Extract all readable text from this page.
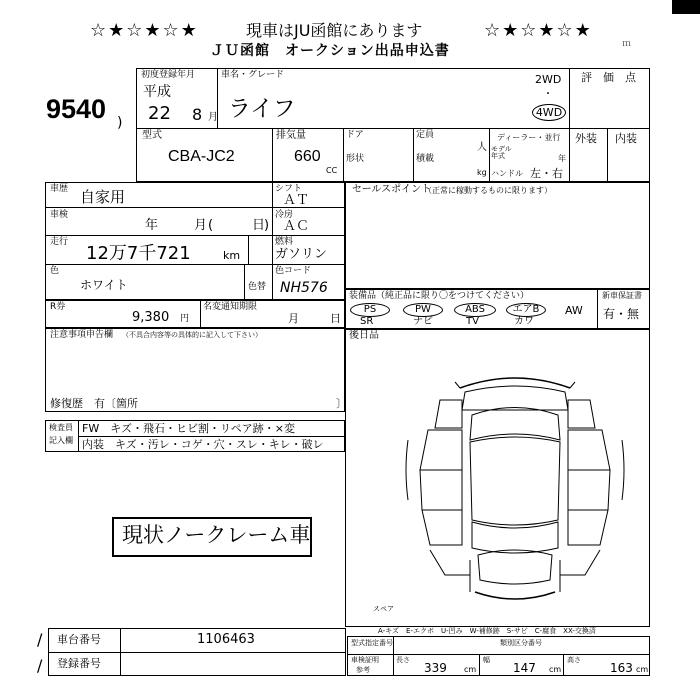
☆★☆★☆★	現車はJU函館にあります	☆★☆★☆★
ＪＵ函館　オークション出品申込書	ｍ
9540 )
初度登録年月
平成
22 8 月
車名・グレード
ライフ
2WD
・
4WD
評　価　点
外装 内装
型式
CBA-JC2
排気量
660
CC
ドア
形状
定員
積載
人
kg
ディーラー・並行
モデル
年式	年
ハンドル 左・右
車歴 自家用
車検
年	月 (	日
)
走行
12万7千721	km
色
ホワイト	色替
シフト
ＡＴ
冷房
ＡＣ
燃料
ガソリン
色コード
NH576
セールスポイント
（正常に稼動するものに限ります）
R券
9,380 円
名変通知期限
月	日
注意事項申告欄 （不具合内容等の具体的に記入して下さい）
修復歴　有〔箇所	〕
装備品（純正品に限り〇をつけてください）
PS	PW	ABS	エアB	AW
SR	ナビ	TV	カワ
新車保証書
有・無
後日品
スペア
検査員
記入欄
FW　キズ・飛石・ヒビ割・リペア跡・×変
内装　キズ・汚レ・コゲ・穴・スレ・キレ・破レ
現状ノークレーム車
A-キズ　E-エクボ　U-凹み　W-補修跡　S-サビ　C-腐食　XX-交換済
車台番号	1106463
登録番号
/
/
型式指定番号	類別区分番号
車検証明
参考
長さ
339 cm
幅
147 cm
高さ
163 cm
